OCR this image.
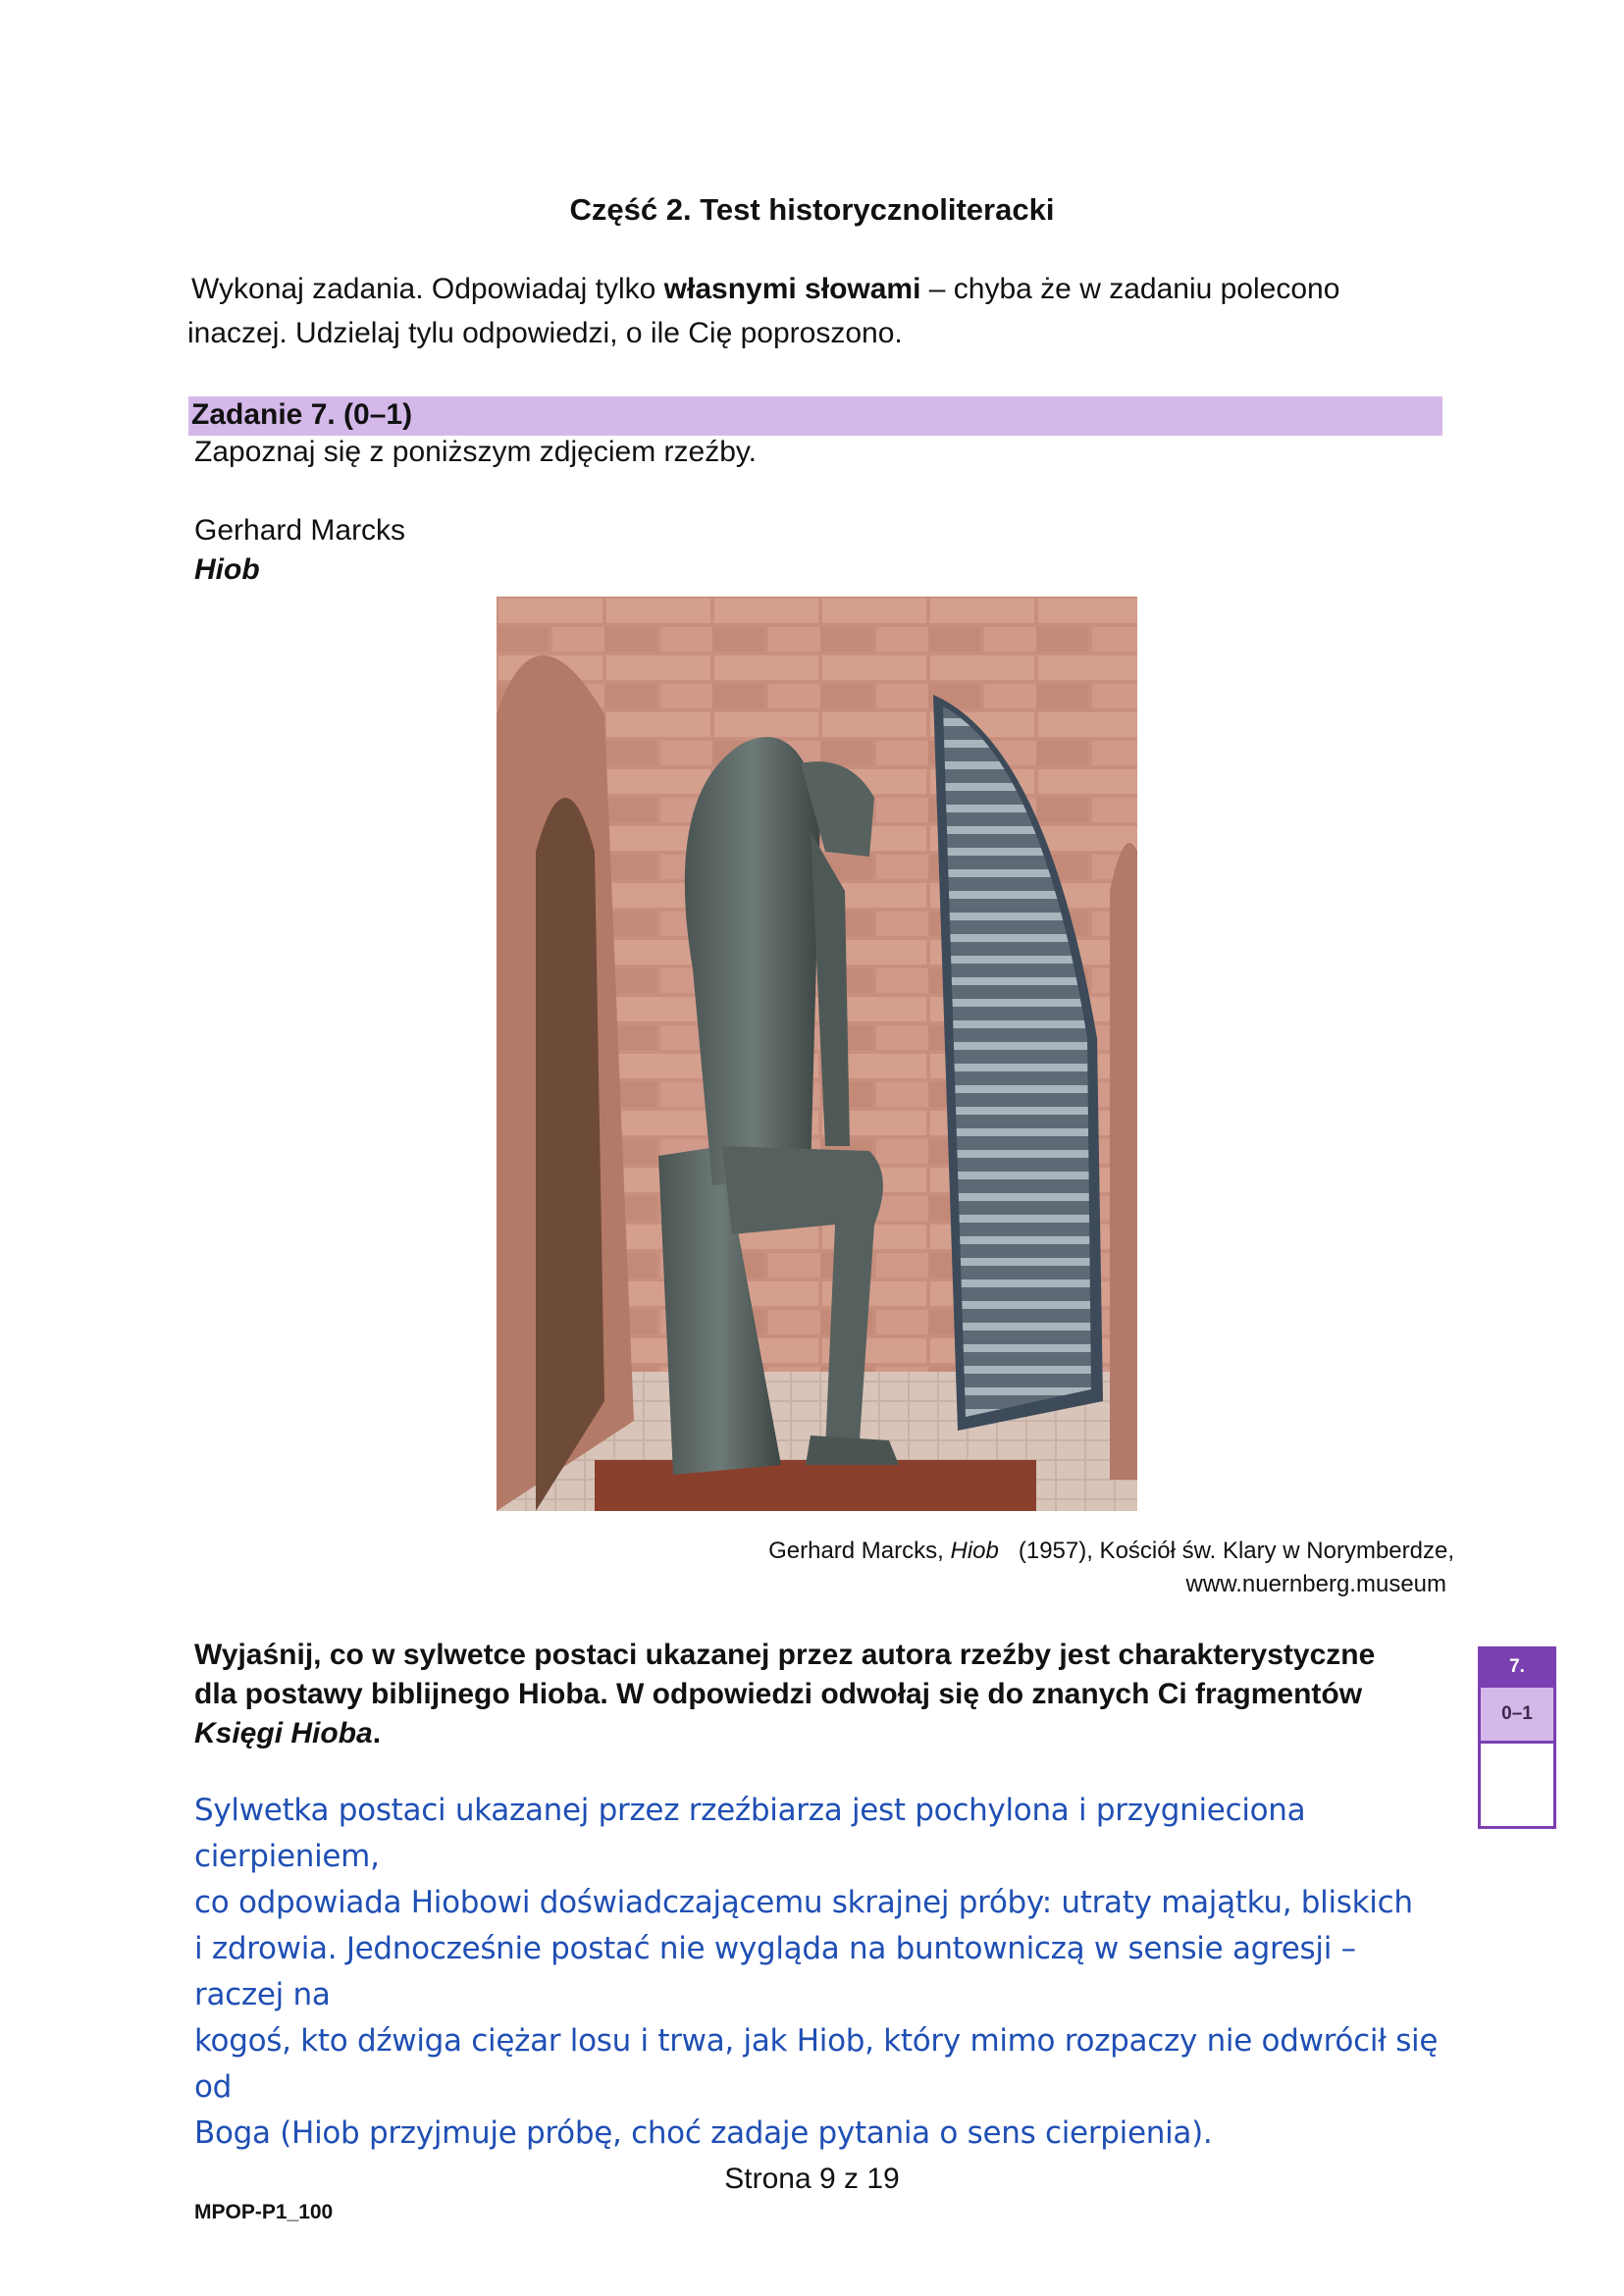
Część 2. Test historycznoliteracki
Wykonaj zadania. Odpowiadaj tylko własnymi słowami – chyba że w zadaniu polecono
inaczej. Udzielaj tylu odpowiedzi, o ile Cię poproszono.
Zadanie 7. (0–1)
Zapoznaj się z poniższym zdjęciem rzeźby.
Gerhard Marcks
Hiob
Gerhard Marcks, Hiob   (1957), Kościół św. Klary w Norymberdze,
www.nuernberg.museum
Wyjaśnij, co w sylwetce postaci ukazanej przez autora rzeźby jest charakterystyczne
dla postawy biblijnego Hioba. W odpowiedzi odwołaj się do znanych Ci fragmentów
Księgi Hioba.
7.
0–1
Sylwetka postaci ukazanej przez rzeźbiarza jest pochylona i przygnieciona cierpieniem,
co odpowiada Hiobowi doświadczającemu skrajnej próby: utraty majątku, bliskich
i zdrowia. Jednocześnie postać nie wygląda na buntowniczą w sensie agresji – raczej na
kogoś, kto dźwiga ciężar losu i trwa, jak Hiob, który mimo rozpaczy nie odwrócił się od
Boga (Hiob przyjmuje próbę, choć zadaje pytania o sens cierpienia).
Strona 9 z 19
MPOP-P1_100
